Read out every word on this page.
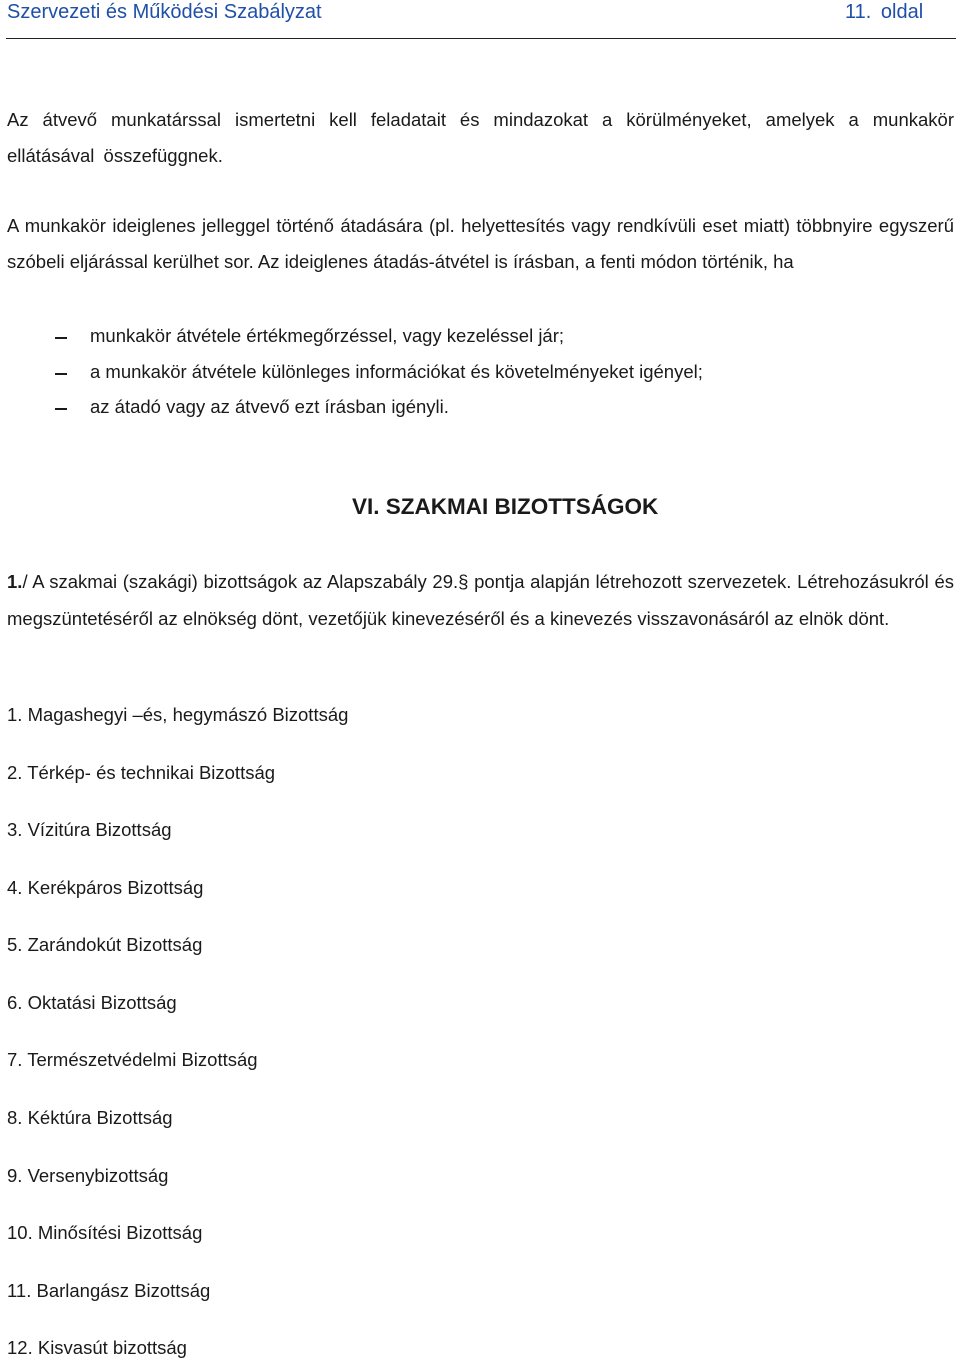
Szervezeti és Működési Szabályzat	11. oldal

Az átvevő munkatárssal ismertetni kell feladatait és mindazokat a körülményeket, amelyek a munkakör ellátásával összefüggnek.

A munkakör ideiglenes jelleggel történő átadására (pl. helyettesítés vagy rendkívüli eset miatt) többnyire egyszerű szóbeli eljárással kerülhet sor. Az ideiglenes átadás-átvétel is írásban, a fenti módon történik, ha

munkakör átvétele értékmegőrzéssel, vagy kezeléssel jár;

a munkakör átvétele különleges információkat és követelményeket igényel;

az átadó vagy az átvevő ezt írásban igényli.

VI. SZAKMAI BIZOTTSÁGOK

1./ A szakmai (szakági) bizottságok az Alapszabály 29.§ pontja alapján létrehozott szervezetek. Létrehozásukról és megszüntetéséről az elnökség dönt, vezetőjük kinevezéséről és a kinevezés visszavonásáról az elnök dönt.

1. Magashegyi –és, hegymászó Bizottság

2. Térkép- és technikai Bizottság

3. Vízitúra Bizottság

4. Kerékpáros Bizottság

5. Zarándokút Bizottság

6. Oktatási Bizottság

7. Természetvédelmi Bizottság

8. Kéktúra Bizottság

9. Versenybizottság

10. Minősítési Bizottság

11. Barlangász Bizottság

12. Kisvasút bizottság
